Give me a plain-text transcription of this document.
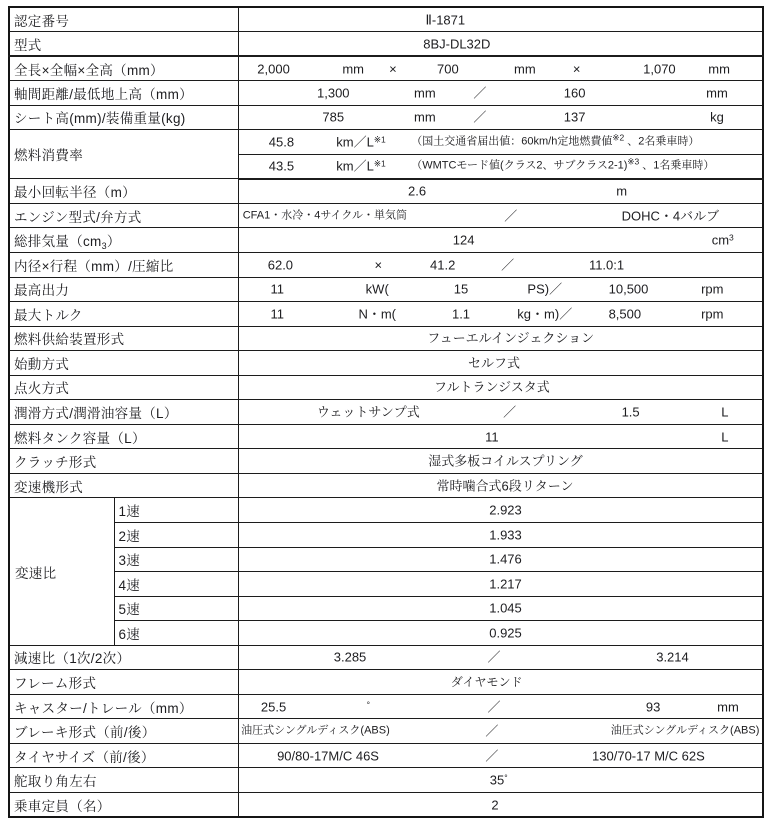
認定番号		Ⅱ-1871

型式		8BJ-DL32D

全長×全幅×全高（mm）	2,000	mm ×	700	mm	×	1,070	mm

軸間距離/最低地上高（mm）		1,300 mm ／ 160 mm

シート高(mm)/装備重量(kg)		785 mm ／ 137 kg

燃料消費率		45.8 $km/L^{※1}$ （国土交通省届出値：60km/h定地燃費値$^{※2}$ 、2名乗車時）

		43.5 $km/L^{※1}$ （WMTCモード値(クラス2、サブクラス2-1)$^{※3}$ 、1名乗車時）

最小回転半径（m）		2.6 m

エンジン型式/弁方式		CFA1・水冷・4サイクル・単気筒 ／ DOHC・4バルブ

総排気量$(cm_3)$		124 $cm^3$

内径×行程（mm）/圧縮比		62.0 × 41.2 ／ 11.0:1

最高出力	11	kW(	15	PS)／	10,500	rpm

最大トルク	11	N・m(	1.1	kg・m)／	8,500	rpm

燃料供給装置形式		フューエルインジェクション

始動方式		セルフ式

点火方式		フルトランジスタ式

潤滑方式/潤滑油容量（L）		ウェットサンプ式 ／ 1.5 L

燃料タンク容量（L）		11 L

クラッチ形式		湿式多板コイルスプリング

変速機形式		常時噛合式6段リターン

変速比	1速	2.923

	2速	1.933

	3速	1.476

	4速	1.217

	5速	1.045

	6速	0.925

減速比（1次/2次）		3.285 ／ 3.214

フレーム形式		ダイヤモンド

キャスター/トレール（mm）		25.5 ° ／ 93 mm

ブレーキ形式（前/後）		油圧式シングルディスク(ABS) ／ 油圧式シングルディスク(ABS)

タイヤサイズ（前/後）		90/80-17M/C 46S ／ 130/70-17 M/C 62S

舵取り角左右		35°

乗車定員（名）		2
